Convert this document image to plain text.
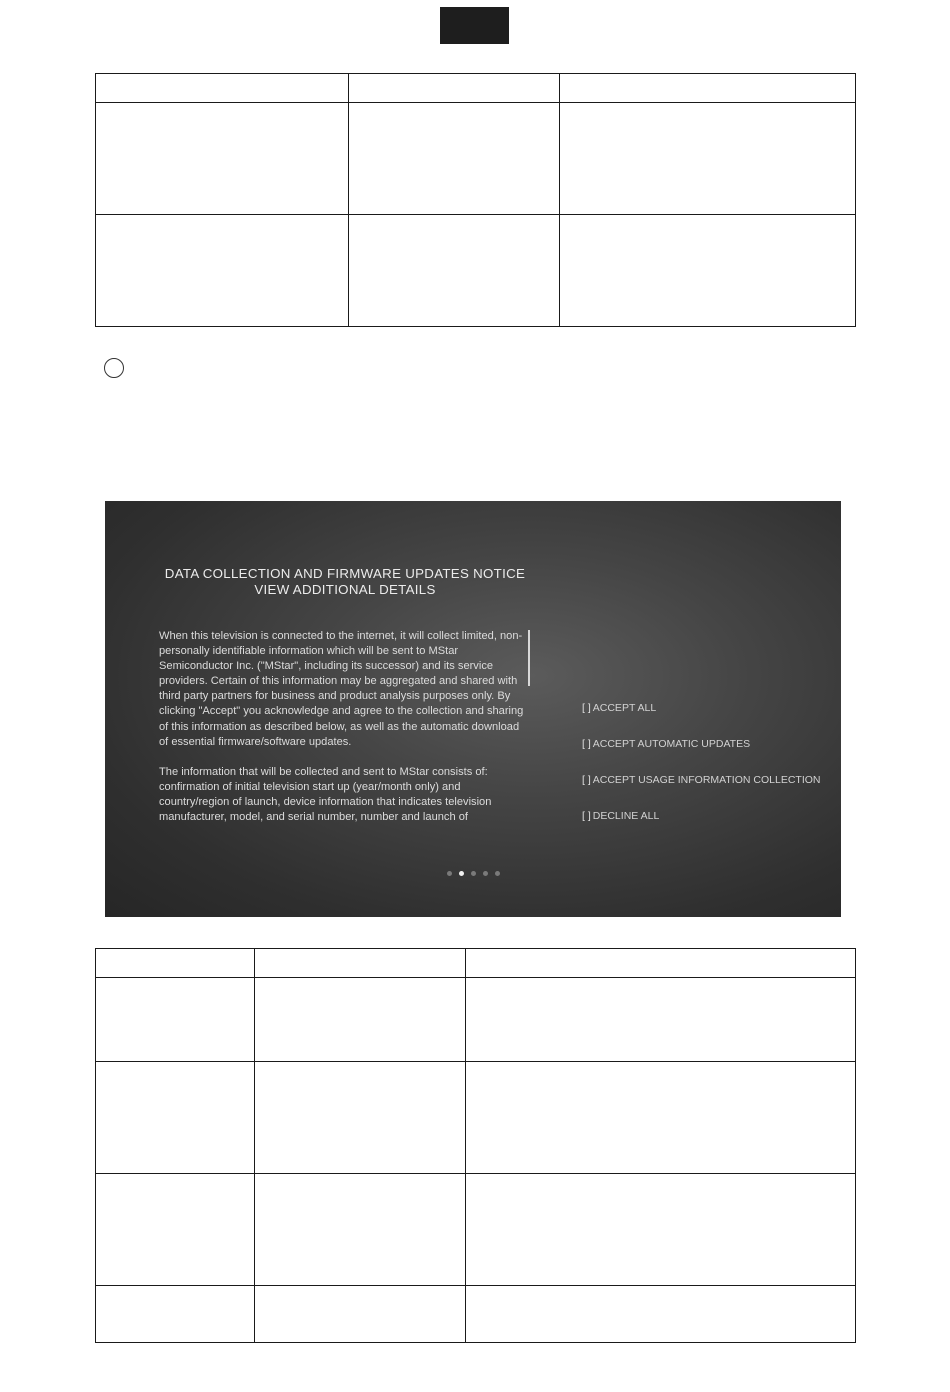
DATA COLLECTION AND FIRMWARE UPDATES NOTICE
VIEW ADDITIONAL DETAILS

When this television is connected to the internet, it will collect limited, non-personally identifiable information which will be sent to MStar Semiconductor Inc. ("MStar", including its successor) and its service providers. Certain of this information may be aggregated and shared with third party partners for business and product analysis purposes only. By clicking "Accept" you acknowledge and agree to the collection and sharing of this information as described below, as well as the automatic download of essential firmware/software updates.

The information that will be collected and sent to MStar consists of: confirmation of initial television start up (year/month only) and country/region of launch, device information that indicates television manufacturer, model, and serial number, number and launch of

[ ] ACCEPT ALL
[ ] ACCEPT AUTOMATIC UPDATES
[ ] ACCEPT USAGE INFORMATION COLLECTION
[ ] DECLINE ALL
